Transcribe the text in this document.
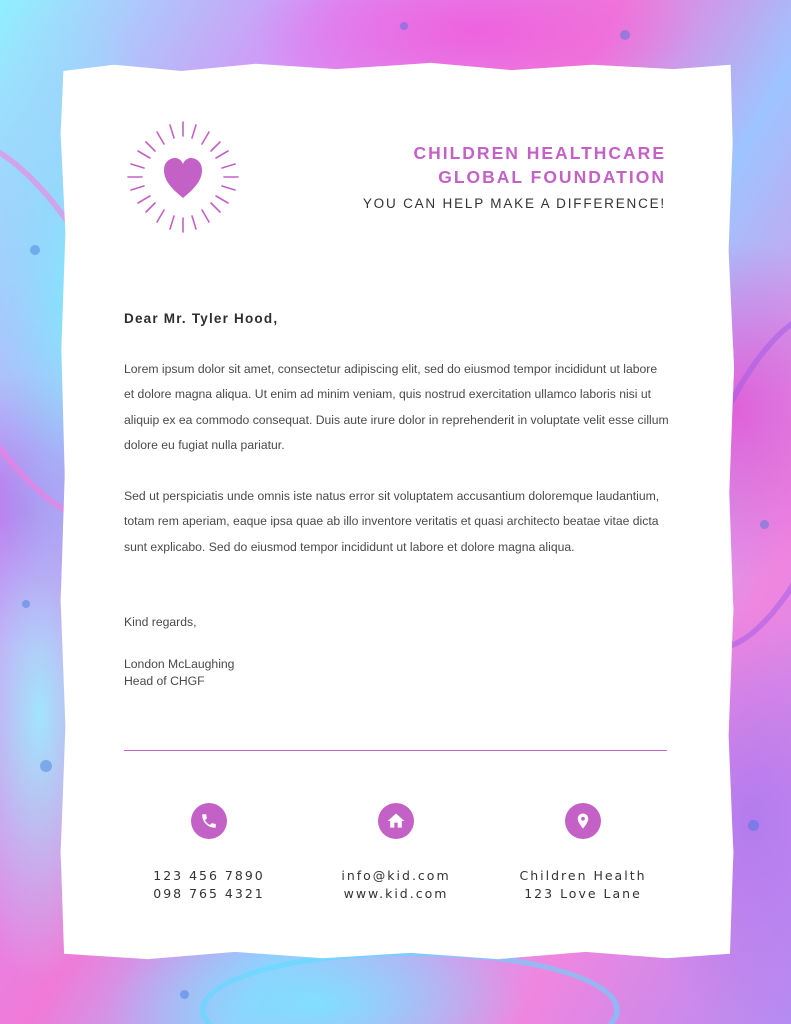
CHILDREN HEALTHCARE
GLOBAL FOUNDATION
YOU CAN HELP MAKE A DIFFERENCE!
Dear Mr. Tyler Hood,

Lorem ipsum dolor sit amet, consectetur adipiscing elit, sed do eiusmod tempor incididunt ut labore et dolore magna aliqua. Ut enim ad minim veniam, quis nostrud exercitation ullamco laboris nisi ut aliquip ex ea commodo consequat. Duis aute irure dolor in reprehenderit in voluptate velit esse cillum dolore eu fugiat nulla pariatur.

Sed ut perspiciatis unde omnis iste natus error sit voluptatem accusantium doloremque laudantium, totam rem aperiam, eaque ipsa quae ab illo inventore veritatis et quasi architecto beatae vitae dicta sunt explicabo. Sed do eiusmod tempor incididunt ut labore et dolore magna aliqua.

Kind regards,
London McLaughing
Head of CHGF
123 456 7890
098 765 4321
info@kid.com
www.kid.com
Children Health
123 Love Lane
